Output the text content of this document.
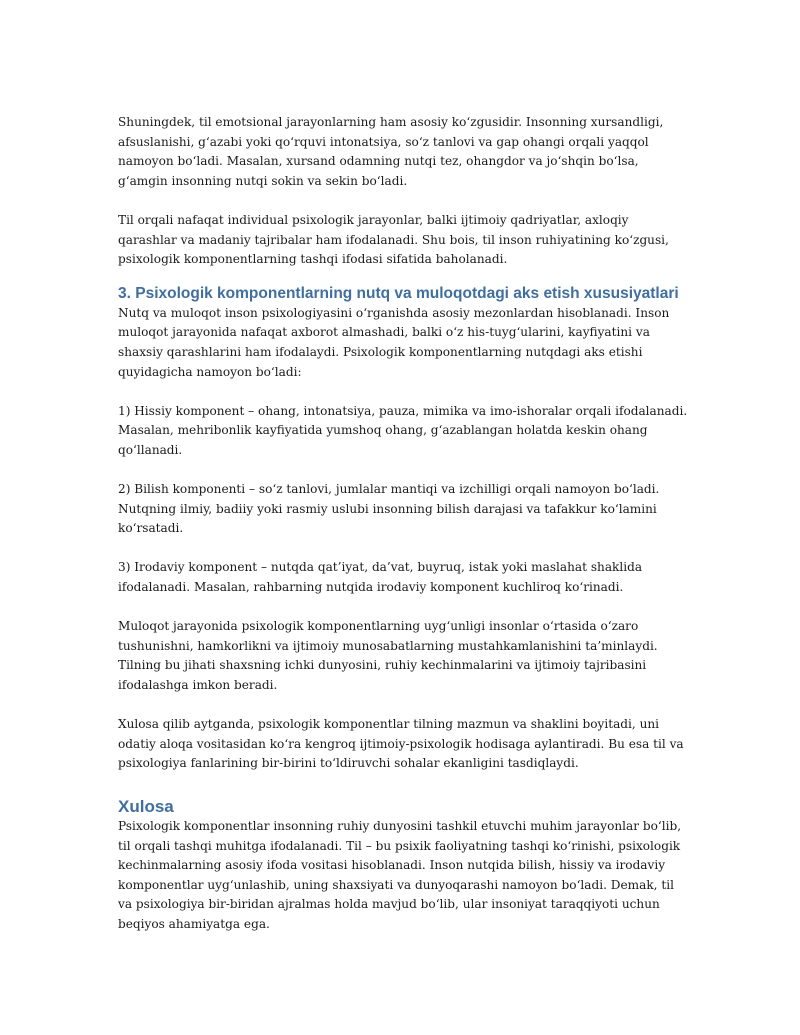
Shuningdek, til emotsional jarayonlarning ham asosiy ko‘zgusidir. Insonning xursandligi, afsuslanishi, g‘azabi yoki qo‘rquvi intonatsiya, so‘z tanlovi va gap ohangi orqali yaqqol namoyon bo‘ladi. Masalan, xursand odamning nutqi tez, ohangdor va jo‘shqin bo‘lsa, g‘amgin insonning nutqi sokin va sekin bo‘ladi.

Til orqali nafaqat individual psixologik jarayonlar, balki ijtimoiy qadriyatlar, axloqiy qarashlar va madaniy tajribalar ham ifodalanadi. Shu bois, til inson ruhiyatining ko‘zgusi, psixologik komponentlarning tashqi ifodasi sifatida baholanadi.

3. Psixologik komponentlarning nutq va muloqotdagi aks etish xususiyatlari

Nutq va muloqot inson psixologiyasini o‘rganishda asosiy mezonlardan hisoblanadi. Inson muloqot jarayonida nafaqat axborot almashadi, balki o‘z his-tuyg‘ularini, kayfiyatini va shaxsiy qarashlarini ham ifodalaydi. Psixologik komponentlarning nutqdagi aks etishi quyidagicha namoyon bo‘ladi:

1) Hissiy komponent – ohang, intonatsiya, pauza, mimika va imo-ishoralar orqali ifodalanadi. Masalan, mehribonlik kayfiyatida yumshoq ohang, g‘azablangan holatda keskin ohang qo‘llanadi.

2) Bilish komponenti – so‘z tanlovi, jumlalar mantiqi va izchilligi orqali namoyon bo‘ladi. Nutqning ilmiy, badiiy yoki rasmiy uslubi insonning bilish darajasi va tafakkur ko‘lamini ko‘rsatadi.

3) Irodaviy komponent – nutqda qat’iyat, da’vat, buyruq, istak yoki maslahat shaklida ifodalanadi. Masalan, rahbarning nutqida irodaviy komponent kuchliroq ko‘rinadi.

Muloqot jarayonida psixologik komponentlarning uyg‘unligi insonlar o‘rtasida o‘zaro tushunishni, hamkorlikni va ijtimoiy munosabatlarning mustahkamlanishini ta’minlaydi. Tilning bu jihati shaxsning ichki dunyosini, ruhiy kechinmalarini va ijtimoiy tajribasini ifodalashga imkon beradi.

Xulosa qilib aytganda, psixologik komponentlar tilning mazmun va shaklini boyitadi, uni odatiy aloqa vositasidan ko‘ra kengroq ijtimoiy-psixologik hodisaga aylantiradi. Bu esa til va psixologiya fanlarining bir-birini to‘ldiruvchi sohalar ekanligini tasdiqlaydi.

Xulosa

Psixologik komponentlar insonning ruhiy dunyosini tashkil etuvchi muhim jarayonlar bo‘lib, til orqali tashqi muhitga ifodalanadi. Til – bu psixik faoliyatning tashqi ko‘rinishi, psixologik kechinmalarning asosiy ifoda vositasi hisoblanadi. Inson nutqida bilish, hissiy va irodaviy komponentlar uyg‘unlashib, uning shaxsiyati va dunyoqarashi namoyon bo‘ladi. Demak, til va psixologiya bir-biridan ajralmas holda mavjud bo‘lib, ular insoniyat taraqqiyoti uchun beqiyos ahamiyatga ega.
